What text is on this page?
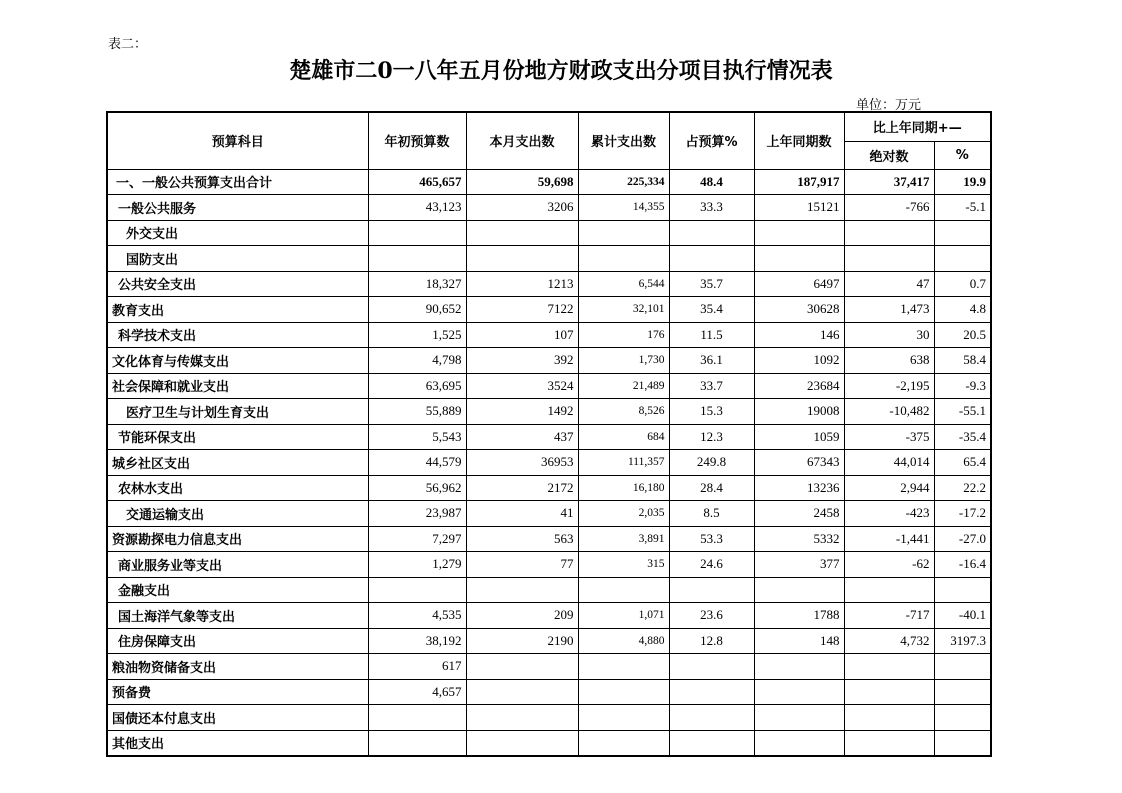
表二：
楚雄市二0一八年五月份地方财政支出分项目执行情况表
单位：万元
预算科目	年初预算数	本月支出数	累计支出数	占预算%	上年同期数	比上年同期+—	
						绝对数	%
一、一般公共预算支出合计	465,657	59,698	225,334	48.4	187,917	37,417	19.9
一般公共服务	43,123	3206	14,355	33.3	15121	-766	-5.1
外交支出							
国防支出							
公共安全支出	18,327	1213	6,544	35.7	6497	47	0.7
教育支出	90,652	7122	32,101	35.4	30628	1,473	4.8
科学技术支出	1,525	107	176	11.5	146	30	20.5
文化体育与传媒支出	4,798	392	1,730	36.1	1092	638	58.4
社会保障和就业支出	63,695	3524	21,489	33.7	23684	-2,195	-9.3
医疗卫生与计划生育支出	55,889	1492	8,526	15.3	19008	-10,482	-55.1
节能环保支出	5,543	437	684	12.3	1059	-375	-35.4
城乡社区支出	44,579	36953	111,357	249.8	67343	44,014	65.4
农林水支出	56,962	2172	16,180	28.4	13236	2,944	22.2
交通运输支出	23,987	41	2,035	8.5	2458	-423	-17.2
资源勘探电力信息支出	7,297	563	3,891	53.3	5332	-1,441	-27.0
商业服务业等支出	1,279	77	315	24.6	377	-62	-16.4
金融支出							
国土海洋气象等支出	4,535	209	1,071	23.6	1788	-717	-40.1
住房保障支出	38,192	2190	4,880	12.8	148	4,732	3197.3
粮油物资储备支出	617						
预备费	4,657						
国债还本付息支出							
其他支出							
